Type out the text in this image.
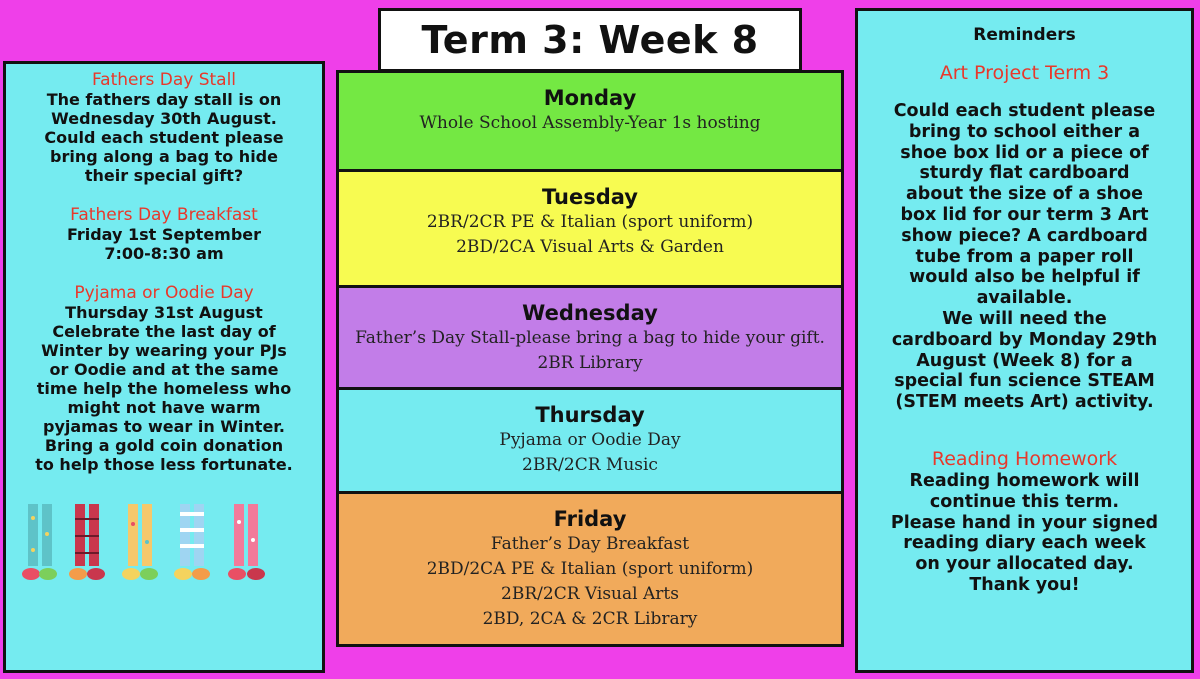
Term 3: Week 8
Monday
Whole School Assembly-Year 1s hosting
Tuesday
2BR/2CR PE & Italian (sport uniform)
2BD/2CA Visual Arts & Garden
Wednesday
Father’s Day Stall-please bring a bag to hide your gift.
2BR Library
Thursday
Pyjama or Oodie Day
2BR/2CR Music
Friday
Father’s Day Breakfast
2BD/2CA PE & Italian (sport uniform)
2BR/2CR Visual Arts
2BD, 2CA & 2CR Library
Fathers Day Stall
The fathers day stall is on
Wednesday 30th August.
Could each student please
bring along a bag to hide
their special gift?
Fathers Day Breakfast
Friday 1st September
7:00-8:30 am
Pyjama or Oodie Day
Thursday 31st August
Celebrate the last day of
Winter by wearing your PJs
or Oodie and at the same
time help the homeless who
might not have warm
pyjamas to wear in Winter.
Bring a gold coin donation
to help those less fortunate.
Reminders
Art Project Term 3
Could each student please
bring to school either a
shoe box lid or a piece of
sturdy flat cardboard
about the size of a shoe
box lid for our term 3 Art
show piece? A cardboard
tube from a paper roll
would also be helpful if
available.
We will need the
cardboard by Monday 29th
August (Week 8) for a
special fun science STEAM
(STEM meets Art) activity.
Reading Homework
Reading homework will
continue this term.
Please hand in your signed
reading diary each week
on your allocated day.
Thank you!
